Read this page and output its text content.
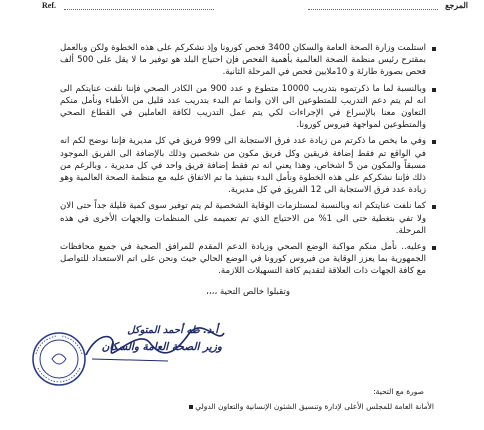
Ref.	المرجع
استلمت وزارة الصحة العامة والسكان 3400 فحص كورونا وإذ نشكركم على هذه الخطوة ولكن وبالعمل بمقترح رئيس منظمة الصحة العالمية بأهمية الفحص فإن احتياج البلد هو توفير ما لا يقل على 500 ألف فحص بصورة طارئة و 10ملايين فحص في المرحلة الثانية.
وبالنسبة لما ما ذكرتموه بتدريب 10000 متطوع و عدد 900 من الكادر الصحي فإننا نلفت عنايتكم الى انه لم يتم دعم التدريب للمتطوعين الى الان وانما تم البدء بتدريب عدد قليل من الأطباء ونأمل منكم التعاون معنا بالإسراع في الإجراءات لكي يتم عمل التدريب لكافة العاملين في القطاع الصحي والمتطوعين لمواجهة فيروس كورونا.
وفي ما يخص ما ذكرتم من زيادة عدد فرق الاستجابة الى 999 فريق في كل مديرية فإننا نوضح لكم انه في الواقع تم فقط إضافة فريقين وكل فريق مكون من شخصين وذلك بالإضافة الى الفريق الموجود مسبقاً والمكون من 5 اشخاص، وهذا يعني انه تم فقط إضافة فريق واحد في كل مديرية ، وبالرغم من ذلك فإننا نشكركم على هذه الخطوة ونأمل البدء بتنفيذ ما تم الاتفاق عليه مع منظمة الصحة العالمية وهو زيادة عدد فرق الاستجابة الى 12 الفريق في كل مديرية.
كما نلفت عنايتكم انه وبالنسبة لمستلزمات الوقاية الشخصية لم يتم توفير سوى كمية قليلة جداً حتى الان ولا تفي بتغطية حتى الى 1% من الاحتياج الذي تم تعميمه على المنظمات والجهات الأخرى في هذه المرحلة.
وعليه.. نأمل منكم مواكبة الوضع الصحي وزيادة الدعم المقدم للمرافق الصحية في جميع محافظات الجمهورية بما يعزز الوقاية من فيروس كورونا في الوضع الحالي حيث ونحن على اتم الاستعداد للتواصل مع كافة الجهات ذات العلاقة لتقديم كافة التسهيلات اللازمة.
وتقبلوا خالص التحية ،،،،
أ.د. طه أحمد المتوكل
وزير الصحة العامة والسكان
صورة مع التحية:
الأمانة العامة للمجلس الأعلى لإدارة وتنسيق الشئون الإنسانية والتعاون الدولي
